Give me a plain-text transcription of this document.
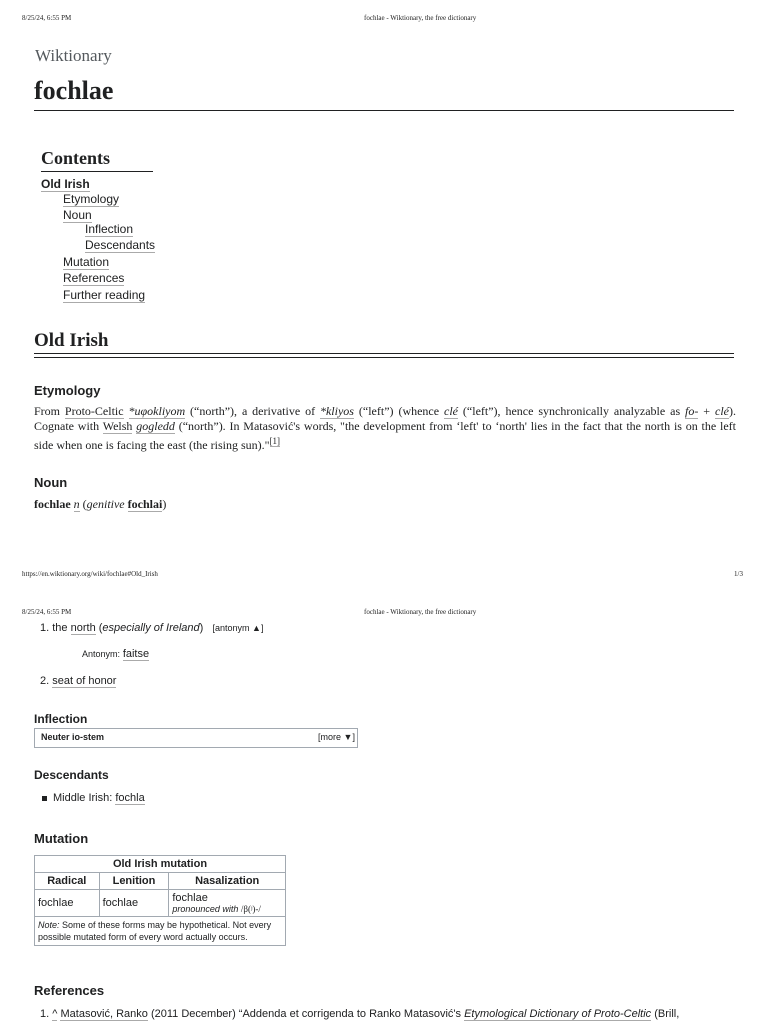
8/25/24, 6:55 PM	fochlae - Wiktionary, the free dictionary
Wiktionary
fochlae
Contents
Old Irish
Etymology
Noun
Inflection
Descendants
Mutation
References
Further reading
Old Irish
Etymology
From Proto-Celtic *uφokliyom (“north”), a derivative of *kliyos (“left”) (whence clé (“left”), hence synchronically analyzable as fo- + clé). Cognate with Welsh gogledd (“north”). In Matasović's words, "the development from ‘left' to ‘north' lies in the fact that the north is on the left side when one is facing the east (the rising sun)."[1]
Noun
fochlae n (genitive fochlai)
https://en.wiktionary.org/wiki/fochlae#Old_Irish	1/3
8/25/24, 6:55 PM	fochlae - Wiktionary, the free dictionary
1. the north (especially of Ireland)   [antonym ▲]
Antonym: faitse
2. seat of honor
Inflection
Neuter io-stem	[more ▼]
Descendants
Middle Irish: fochla
Mutation
Old Irish mutation		
Radical	Lenition	Nasalization
fochlae	fochlae	fochlae
pronounced with /β(ʲ)-/

Note: Some of these forms may be hypothetical. Not every possible mutated form of every word actually occurs.		
References
1. ^ Matasović, Ranko (2011 December) “Addenda et corrigenda to Ranko Matasović's Etymological Dictionary of Proto-Celtic (Brill,
